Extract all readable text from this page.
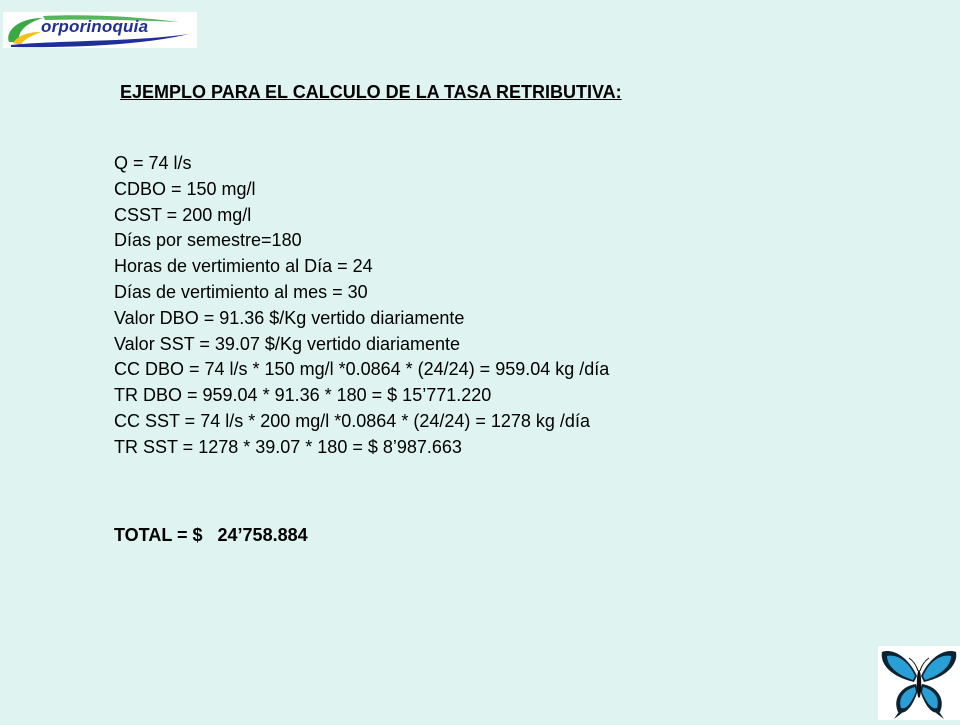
orporinoquia
EJEMPLO PARA EL CALCULO DE LA TASA RETRIBUTIVA:
Q = 74 l/s
CDBO = 150 mg/l
CSST = 200 mg/l
Días por semestre=180
Horas de vertimiento al Día = 24
Días de vertimiento al mes = 30
Valor DBO = 91.36 $/Kg vertido diariamente
Valor SST = 39.07 $/Kg vertido diariamente
CC DBO = 74 l/s * 150 mg/l *0.0864 * (24/24) = 959.04 kg /día
TR DBO = 959.04 * 91.36 * 180 = $ 15’771.220
CC SST = 74 l/s * 200 mg/l *0.0864 * (24/24) = 1278 kg /día
TR SST = 1278 * 39.07 * 180 = $ 8’987.663
TOTAL = $   24’758.884
